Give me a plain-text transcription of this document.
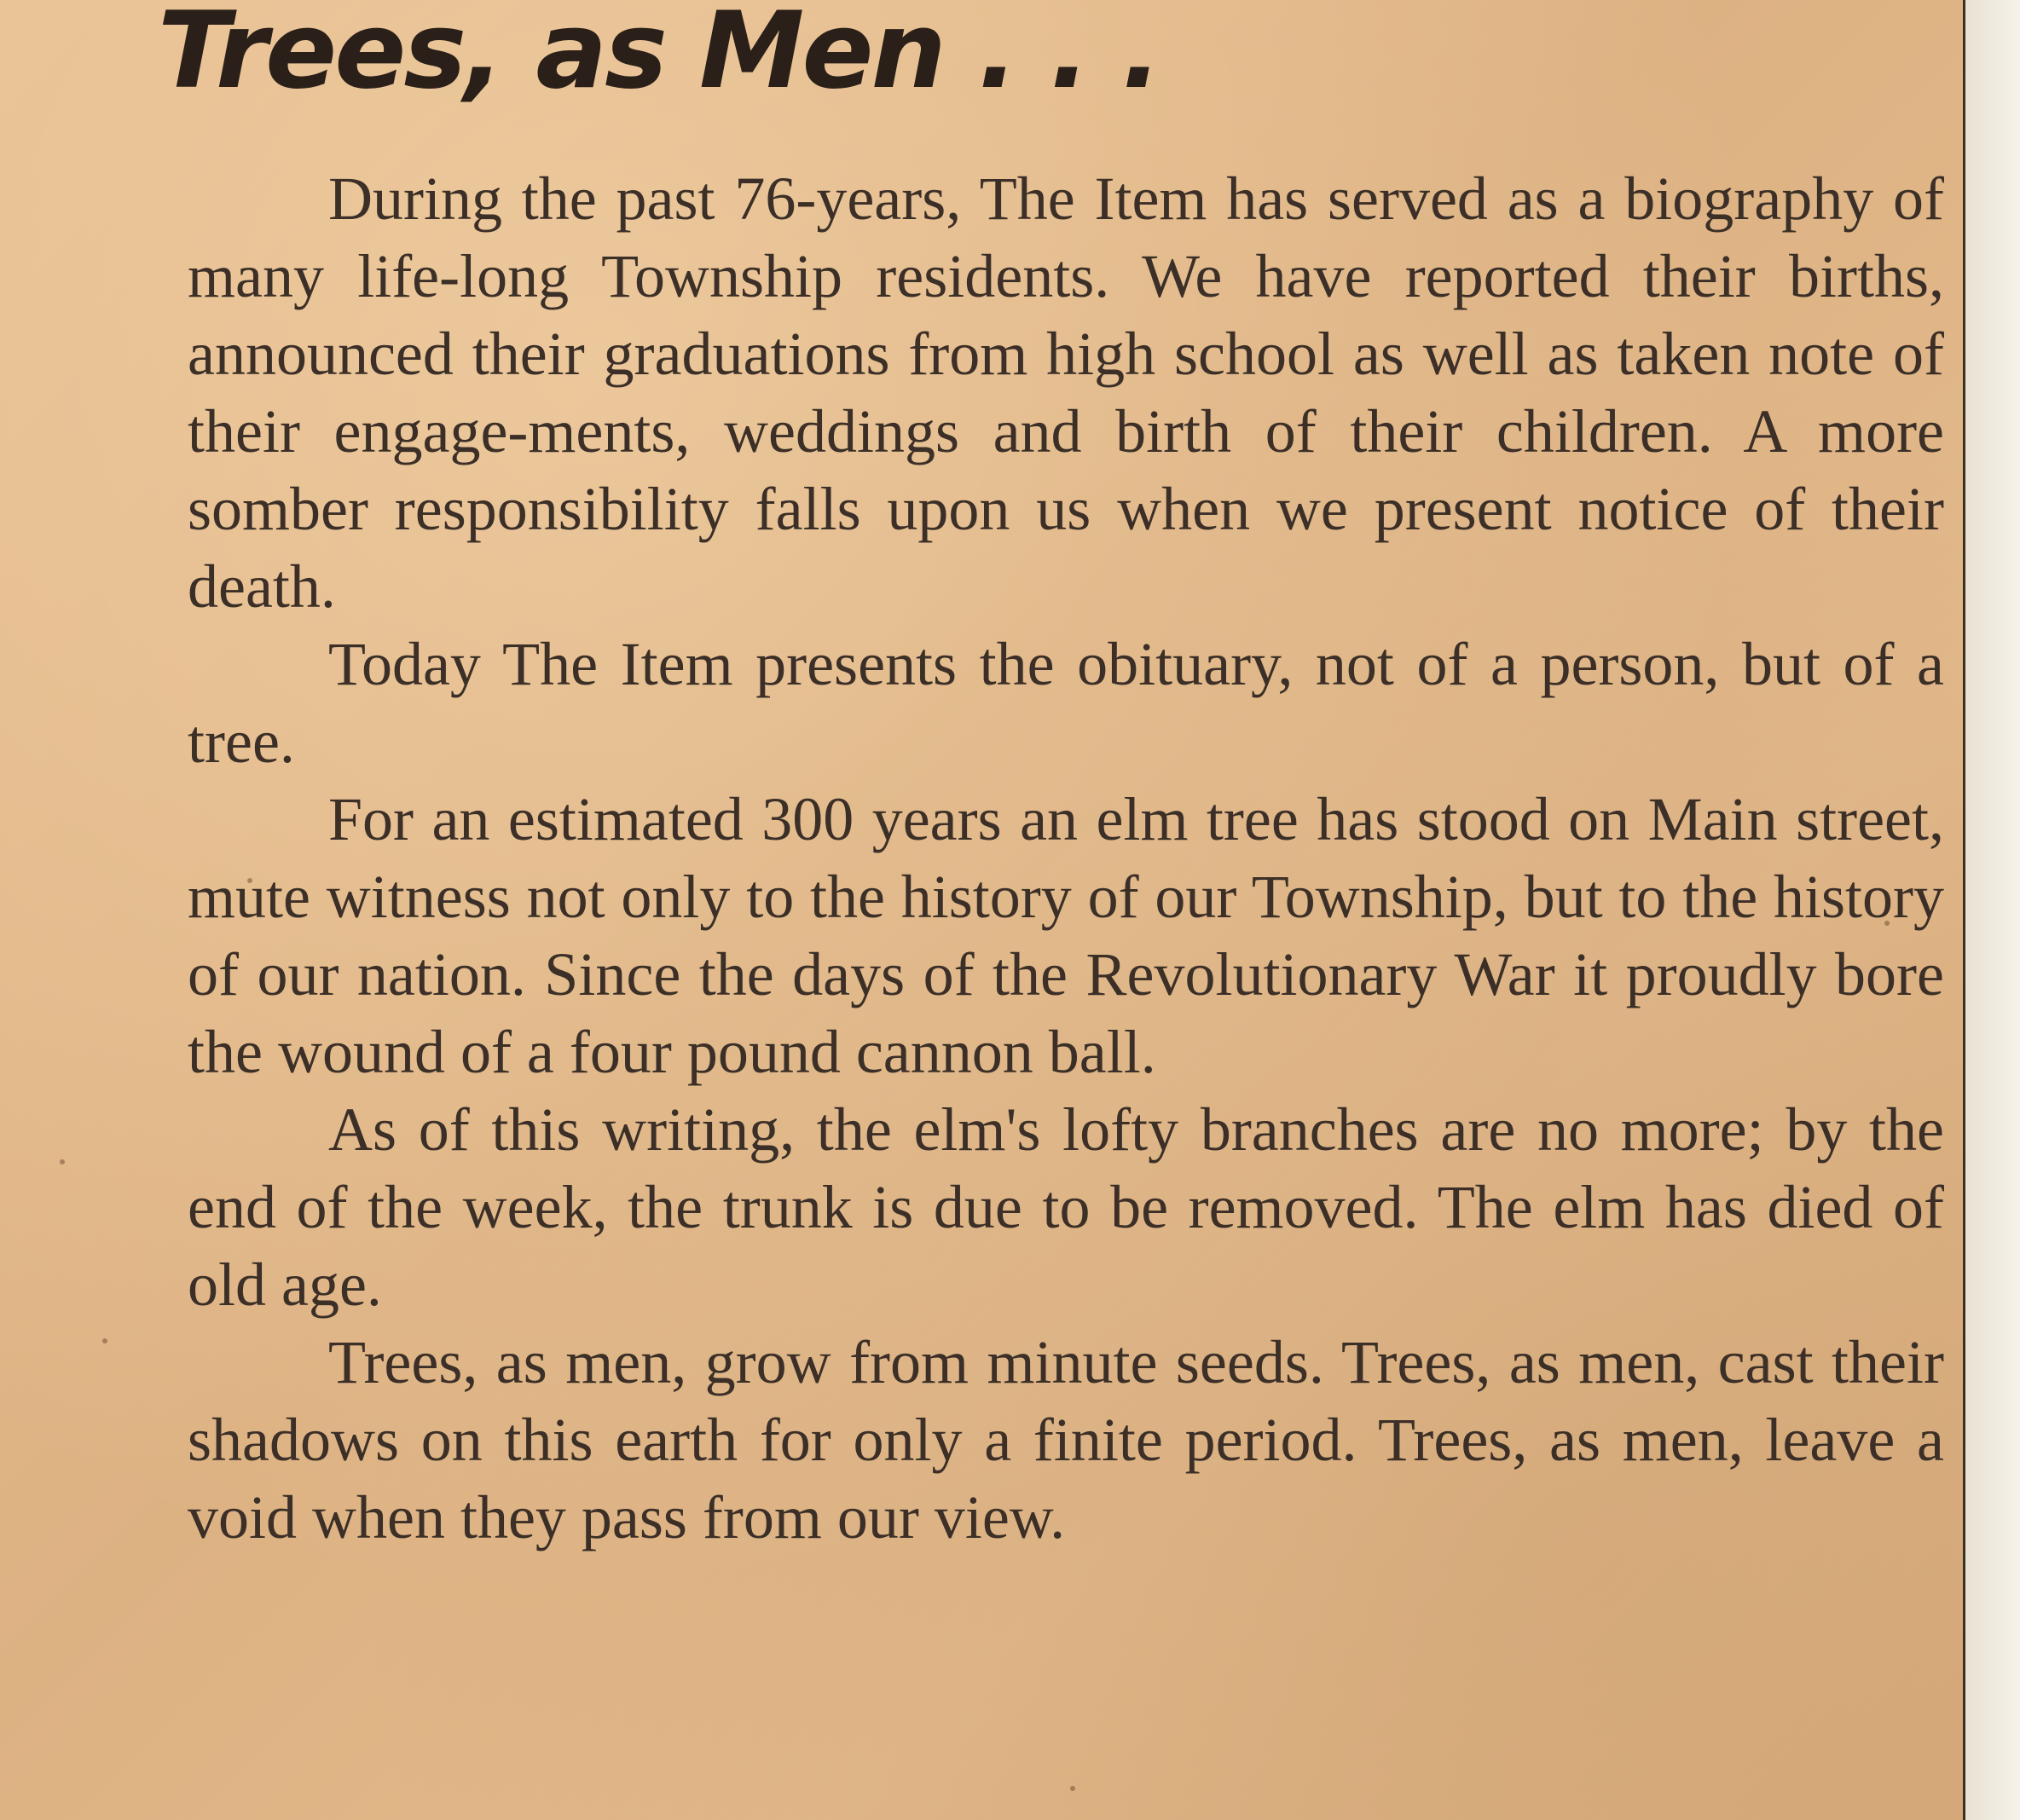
Trees, as Men . . .

During the past 76-years, The Item has served as a biography of many life-long Township residents. We have reported their births, announced their graduations from high school as well as taken note of their engage-ments, weddings and birth of their children. A more somber responsibility falls upon us when we present notice of their death.

Today The Item presents the obituary, not of a person, but of a tree.

For an estimated 300 years an elm tree has stood on Main street, mute witness not only to the history of our Township, but to the history of our nation. Since the days of the Revolutionary War it proudly bore the wound of a four pound cannon ball.

As of this writing, the elm's lofty branches are no more; by the end of the week, the trunk is due to be removed. The elm has died of old age.

Trees, as men, grow from minute seeds. Trees, as men, cast their shadows on this earth for only a finite period. Trees, as men, leave a void when they pass from our view.
